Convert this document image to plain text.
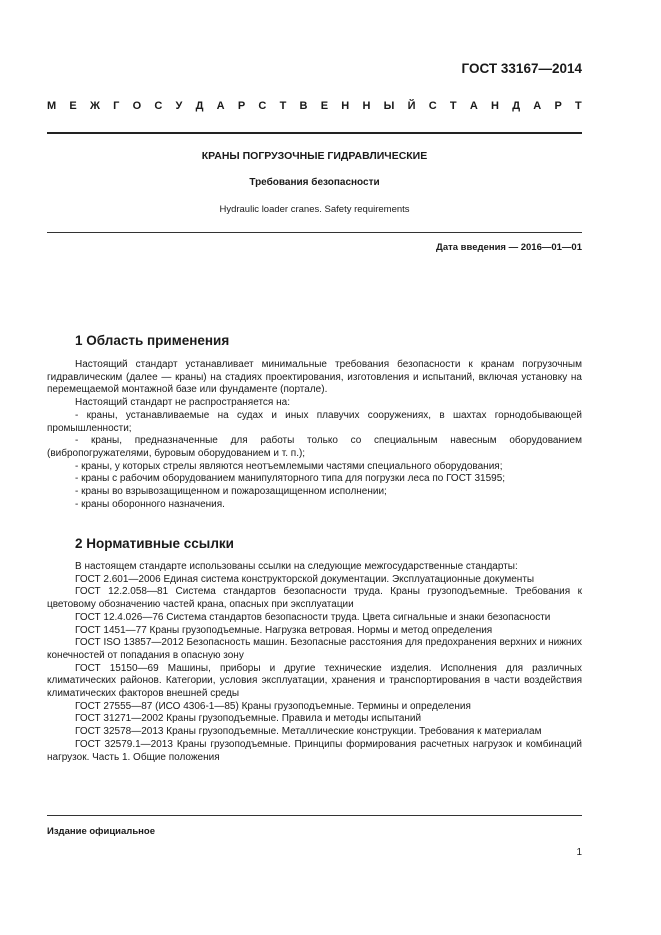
ГОСТ 33167—2014
М Е Ж Г О С У Д А Р С Т В Е Н Н Ы Й С Т А Н Д А Р Т
КРАНЫ ПОГРУЗОЧНЫЕ ГИДРАВЛИЧЕСКИЕ
Требования безопасности
Hydraulic loader cranes. Safety requirements
Дата введения — 2016—01—01
1 Область применения

Настоящий стандарт устанавливает минимальные требования безопасности к кранам погрузочным гидравлическим (далее — краны) на стадиях проектирования, изготовления и испытаний, включая установку на перемещаемой монтажной базе или фундаменте (портале).

Настоящий стандарт не распространяется на:

- краны, устанавливаемые на судах и иных плавучих сооружениях, в шахтах горнодобывающей промышленности;

- краны, предназначенные для работы только со специальным навесным оборудованием (вибропогружателями, буровым оборудованием и т. п.);

- краны, у которых стрелы являются неотъемлемыми частями специального оборудования;

- краны с рабочим оборудованием манипуляторного типа для погрузки леса по ГОСТ 31595;

- краны во взрывозащищенном и пожарозащищенном исполнении;

- краны оборонного назначения.

2 Нормативные ссылки

В настоящем стандарте использованы ссылки на следующие межгосударственные стандарты:

ГОСТ 2.601—2006 Единая система конструкторской документации. Эксплуатационные документы

ГОСТ 12.2.058—81 Система стандартов безопасности труда. Краны грузоподъемные. Требования к цветовому обозначению частей крана, опасных при эксплуатации

ГОСТ 12.4.026—76 Система стандартов безопасности труда. Цвета сигнальные и знаки безопасности

ГОСТ 1451—77 Краны грузоподъемные. Нагрузка ветровая. Нормы и метод определения

ГОСТ ISO 13857—2012 Безопасность машин. Безопасные расстояния для предохранения верхних и нижних конечностей от попадания в опасную зону

ГОСТ 15150—69 Машины, приборы и другие технические изделия. Исполнения для различных климатических районов. Категории, условия эксплуатации, хранения и транспортирования в части воздействия климатических факторов внешней среды

ГОСТ 27555—87 (ИСО 4306-1—85) Краны грузоподъемные. Термины и определения

ГОСТ 31271—2002 Краны грузоподъемные. Правила и методы испытаний

ГОСТ 32578—2013 Краны грузоподъемные. Металлические конструкции. Требования к материалам

ГОСТ 32579.1—2013 Краны грузоподъемные. Принципы формирования расчетных нагрузок и комбинаций нагрузок. Часть 1. Общие положения

Издание официальное
1
